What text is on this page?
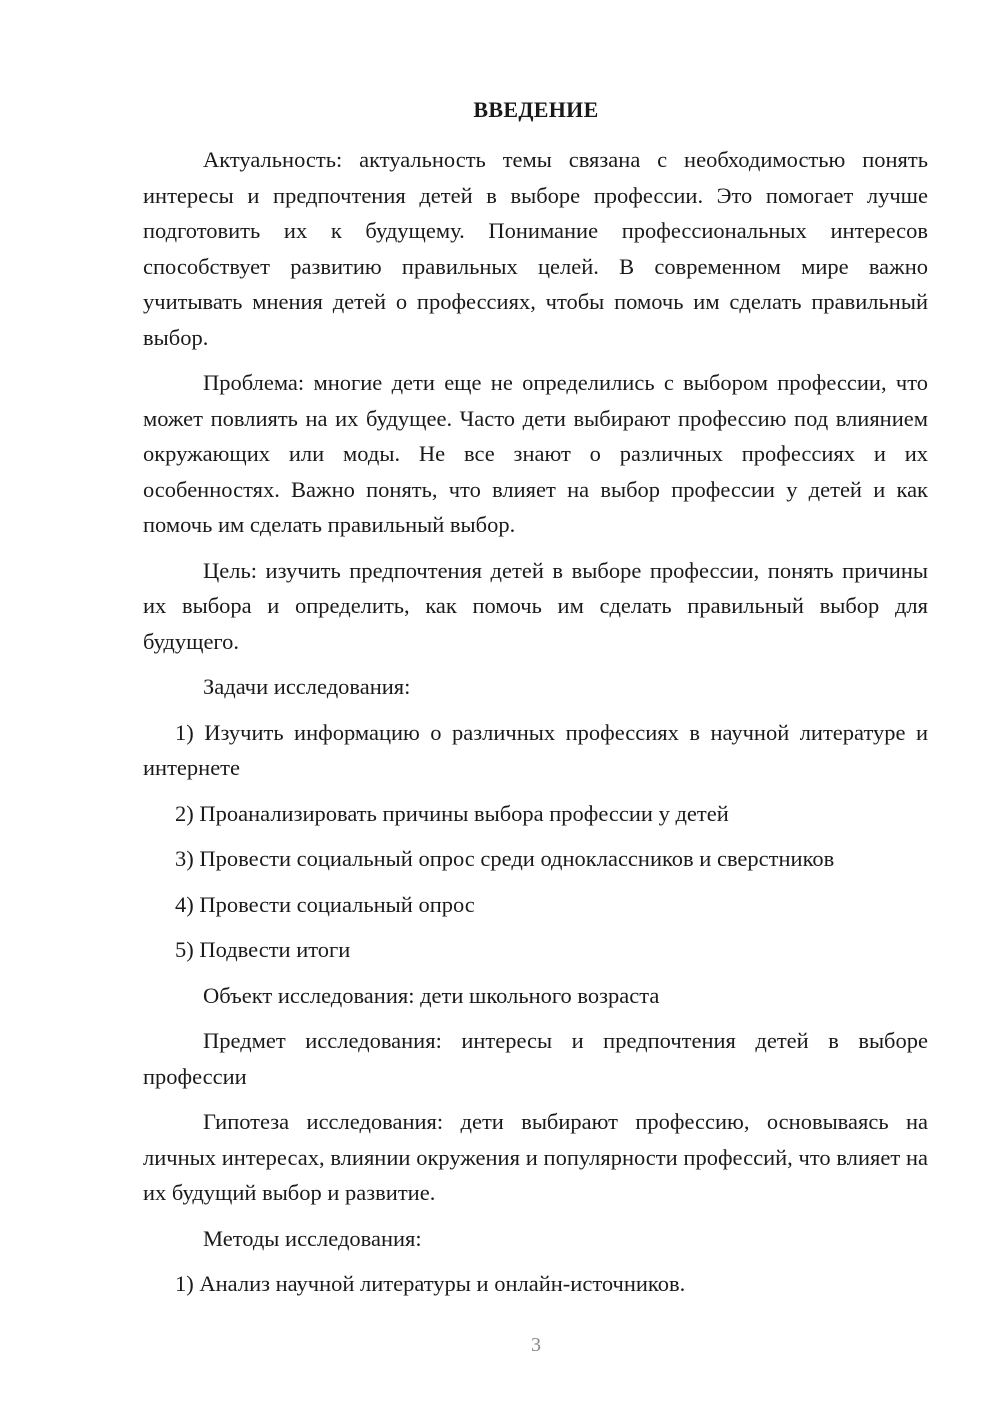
ВВЕДЕНИЕ

Актуальность: актуальность темы связана с необходимостью понять интересы и предпочтения детей в выборе профессии. Это помогает лучше подготовить их к будущему. Понимание профессиональных интересов способствует развитию правильных целей. В современном мире важно учитывать мнения детей о профессиях, чтобы помочь им сделать правильный выбор.

Проблема: многие дети еще не определились с выбором профессии, что может повлиять на их будущее. Часто дети выбирают профессию под влиянием окружающих или моды. Не все знают о различных профессиях и их особенностях. Важно понять, что влияет на выбор профессии у детей и как помочь им сделать правильный выбор.

Цель: изучить предпочтения детей в выборе профессии, понять причины их выбора и определить, как помочь им сделать правильный выбор для будущего.

Задачи исследования:

1) Изучить информацию о различных профессиях в научной литературе и интернете

2) Проанализировать причины выбора профессии у детей

3) Провести социальный опрос среди одноклассников и сверстников

4) Провести социальный опрос

5) Подвести итоги

Объект исследования: дети школьного возраста

Предмет исследования: интересы и предпочтения детей в выборе профессии

Гипотеза исследования: дети выбирают профессию, основываясь на личных интересах, влиянии окружения и популярности профессий, что влияет на их будущий выбор и развитие.

Методы исследования:

1) Анализ научной литературы и онлайн-источников.

3
